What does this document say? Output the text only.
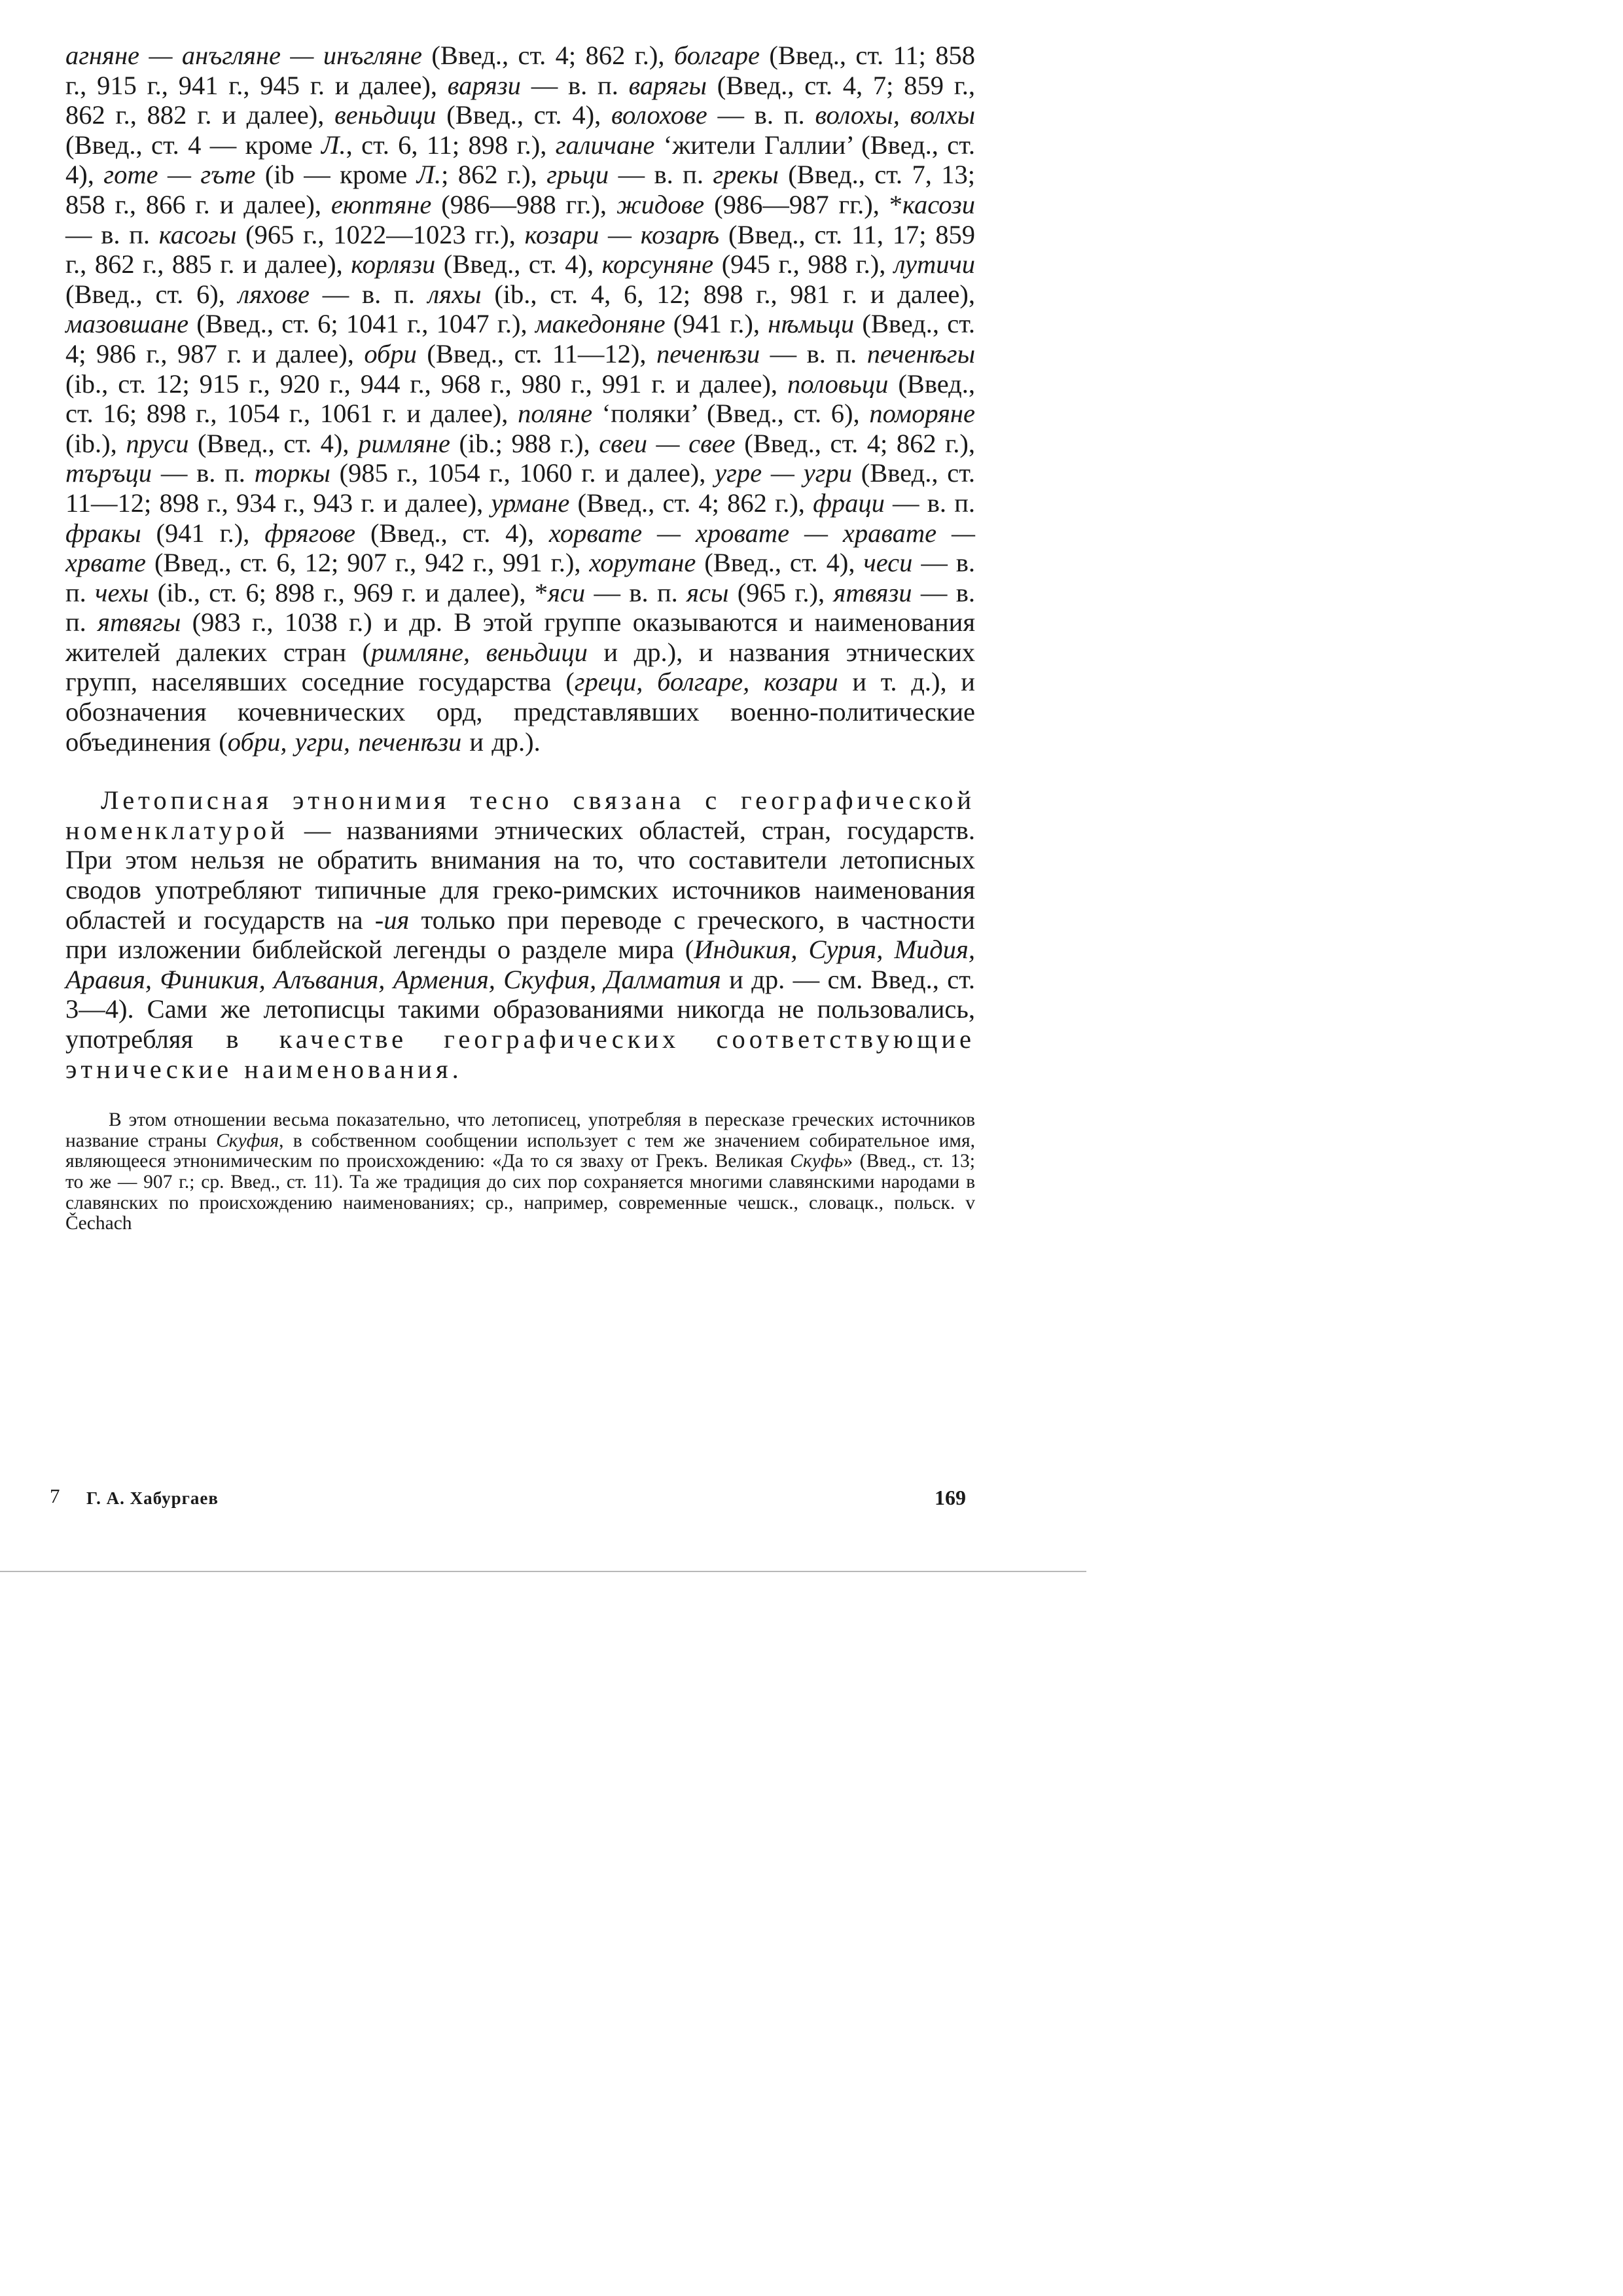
агняне — анъгляне — инъгляне (Введ., ст. 4; 862 г.), болгаре (Введ., ст. 11; 858 г., 915 г., 941 г., 945 г. и далее), варязи — в. п. варягы (Введ., ст. 4, 7; 859 г., 862 г., 882 г. и далее), веньдици (Введ., ст. 4), волохове — в. п. волохы, волхы (Введ., ст. 4 — кроме Л., ст. 6, 11; 898 г.), галичане ‘жители Галлии’ (Введ., ст. 4), готе — гъте (ib — кроме Л.; 862 г.), грьци — в. п. грекы (Введ., ст. 7, 13; 858 г., 866 г. и далее), еюптяне (986—988 гг.), жидове (986—987 гг.), *касози — в. п. касогы (965 г., 1022—1023 гг.), козари — козарѣ (Введ., ст. 11, 17; 859 г., 862 г., 885 г. и далее), корлязи (Введ., ст. 4), корсуняне (945 г., 988 г.), лутичи (Введ., ст. 6), ляхове — в. п. ляхы (ib., ст. 4, 6, 12; 898 г., 981 г. и далее), мазовшане (Введ., ст. 6; 1041 г., 1047 г.), македоняне (941 г.), нѣмьци (Введ., ст. 4; 986 г., 987 г. и далее), обри (Введ., ст. 11—12), печенѣзи — в. п. печенѣгы (ib., ст. 12; 915 г., 920 г., 944 г., 968 г., 980 г., 991 г. и далее), половьци (Введ., ст. 16; 898 г., 1054 г., 1061 г. и далее), поляне ‘поляки’ (Введ., ст. 6), поморяне (ib.), пруси (Введ., ст. 4), римляне (ib.; 988 г.), свеи — свее (Введ., ст. 4; 862 г.), търъци — в. п. торкы (985 г., 1054 г., 1060 г. и далее), угре — угри (Введ., ст. 11—12; 898 г., 934 г., 943 г. и далее), урмане (Введ., ст. 4; 862 г.), фраци — в. п. фракы (941 г.), фрягове (Введ., ст. 4), хорвате — хровате — хравате — хрвате (Введ., ст. 6, 12; 907 г., 942 г., 991 г.), хорутане (Введ., ст. 4), чеси — в. п. чехы (ib., ст. 6; 898 г., 969 г. и далее), *яси — в. п. ясы (965 г.), ятвязи — в. п. ятвягы (983 г., 1038 г.) и др. В этой группе оказываются и наименования жителей далеких стран (римляне, веньдици и др.), и названия этнических групп, населявших соседние государства (греци, болгаре, козари и т. д.), и обозначения кочевнических орд, представлявших военно-политические объединения (обри, угри, печенѣзи и др.).

Летописная этнонимия тесно связана с географической номенклатурой — названиями этнических областей, стран, государств. При этом нельзя не обратить внимания на то, что составители летописных сводов употребляют типичные для греко-римских источников наименования областей и государств на -ия только при переводе с греческого, в частности при изложении библейской легенды о разделе мира (Индикия, Сурия, Мидия, Аравия, Финикия, Алъвания, Армения, Скуфия, Далматия и др. — см. Введ., ст. 3—4). Сами же летописцы такими образованиями никогда не пользовались, употребляя в качестве географических соответствующие этнические наименования.

В этом отношении весьма показательно, что летописец, употребляя в пересказе греческих источников название страны Скуфия, в собственном сообщении использует с тем же значением собирательное имя, являющееся этнонимическим по происхождению: «Да то ся зваху от Грекъ. Великая Скуфь» (Введ., ст. 13; то же — 907 г.; ср. Введ., ст. 11). Та же традиция до сих пор сохраняется многими славянскими народами в славянских по происхождению наименованиях; ср., например, современные чешск., словацк., польск. v Čechach

7 Г. А. Хабургаев	169
